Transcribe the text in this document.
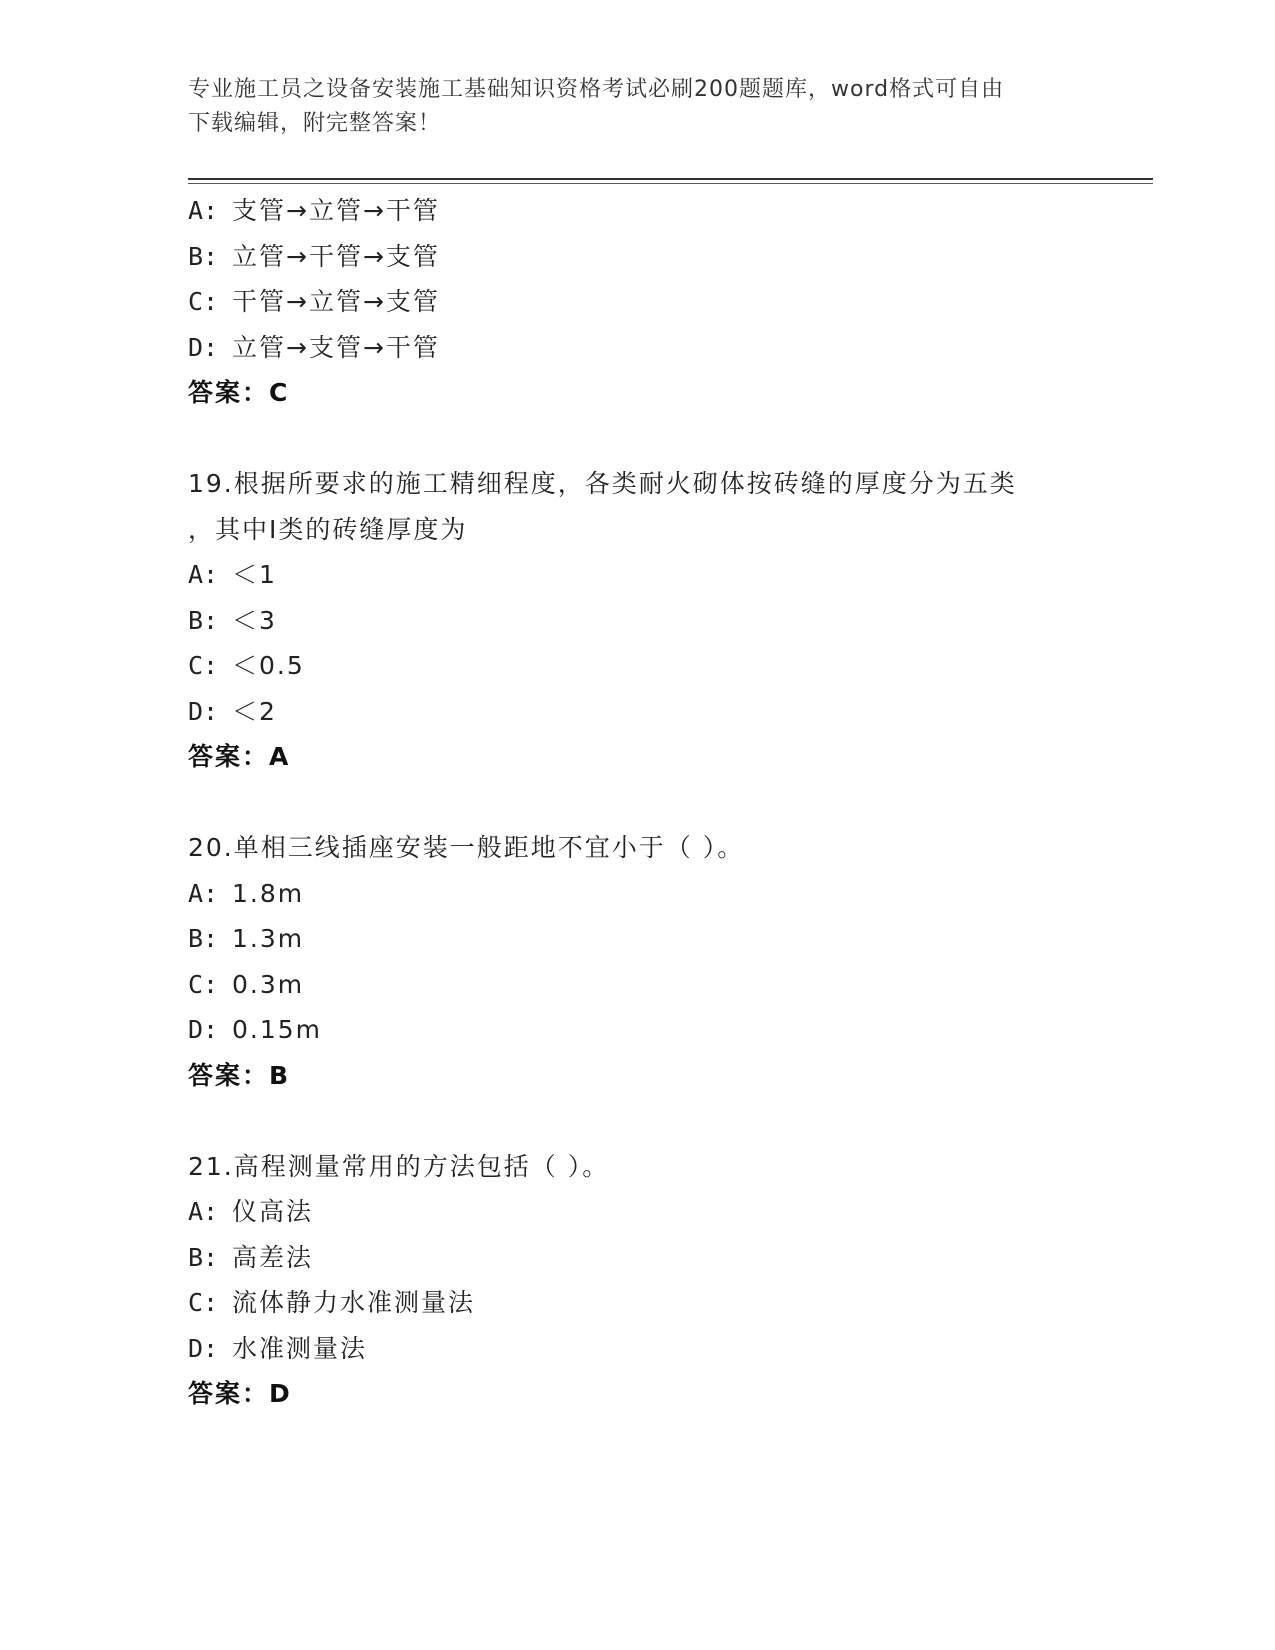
专业施工员之设备安装施工基础知识资格考试必刷200题题库，word格式可自由
下载编辑，附完整答案！
A: 支管→立管→干管
B: 立管→干管→支管
C: 干管→立管→支管
D: 立管→支管→干管
答案：C
19.根据所要求的施工精细程度，各类耐火砌体按砖缝的厚度分为五类
，其中Ⅰ类的砖缝厚度为
A: ＜1
B: ＜3
C: ＜0.5
D: ＜2
答案：A
20.单相三线插座安装一般距地不宜小于（ ）。
A: 1.8m
B: 1.3m
C: 0.3m
D: 0.15m
答案：B
21.高程测量常用的方法包括（ ）。
A: 仪高法
B: 高差法
C: 流体静力水准测量法
D: 水准测量法
答案：D
